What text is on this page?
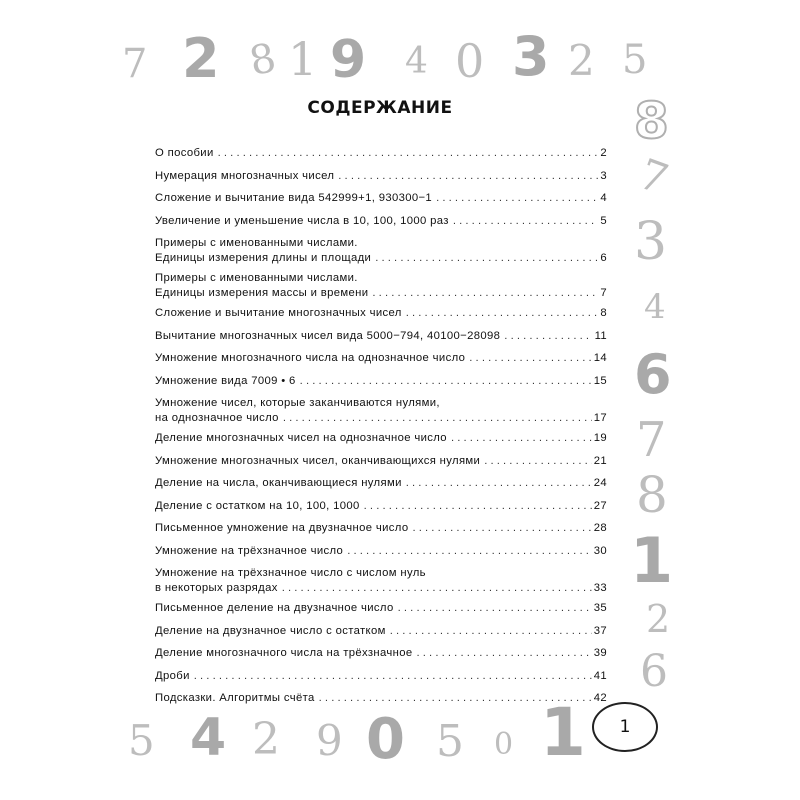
7 2 8 1 9 4 0 3 2 5
8
7
3
4
6
7
8
1
2
6
5 4 2 9 0 5 0 1
СОДЕРЖАНИЕ
О пособии . . .	2
Нумерация многозначных чисел . . .	3
Сложение и вычитание вида 542999+1, 930300−1 . . .	4
Увеличение и уменьшение числа в 10, 100, 1000 раз . . .	5
Примеры с именованными числами.
Единицы измерения длины и площади . . .	6
Примеры с именованными числами.
Единицы измерения массы и времени . . .	7
Сложение и вычитание многозначных чисел . . .	8
Вычитание многозначных чисел вида 5000−794, 40100−28098 . . .	11
Умножение многозначного числа на однозначное число . . .	14
Умножение вида 7009 • 6 . . .	15
Умножение чисел, которые заканчиваются нулями,
на однозначное число . . .	17
Деление многозначных чисел на однозначное число . . .	19
Умножение многозначных чисел, оканчивающихся нулями . . .	21
Деление на числа, оканчивающиеся нулями . . .	24
Деление с остатком на 10, 100, 1000 . . .	27
Письменное умножение на двузначное число . . .	28
Умножение на трёхзначное число . . .	30
Умножение на трёхзначное число с числом нуль
в некоторых разрядах . . .	33
Письменное деление на двузначное число . . .	35
Деление на двузначное число с остатком . . .	37
Деление многозначного числа на трёхзначное . . .	39
Дроби . . .	41
Подсказки. Алгоритмы счёта . . .	42
1
